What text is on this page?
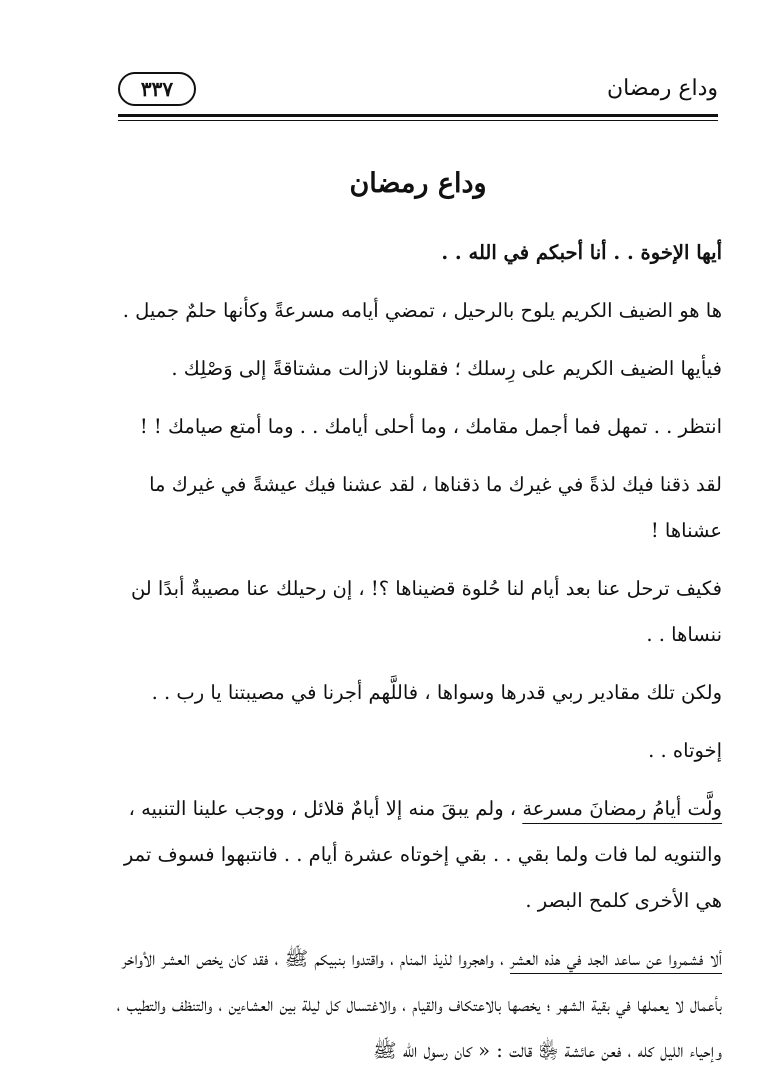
٣٣٧	وداع رمضان
وداع رمضان

أيها الإخوة . . أنا أحبكم في الله . .

ها هو الضيف الكريم يلوح بالرحيل ، تمضي أيامه مسرعةً وكأنها حلمٌ جميل .

فيأيها الضيف الكريم على رِسلك ؛ فقلوبنا لازالت مشتاقةً إلى وَصْلِك .

انتظر . . تمهل فما أجمل مقامك ، وما أحلى أيامك . . وما أمتع صيامك ! !

لقد ذقنا فيك لذةً في غيرك ما ذقناها ، لقد عشنا فيك عيشةً في غيرك ما عشناها !

فكيف ترحل عنا بعد أيام لنا حُلوة قضيناها ؟! ، إن رحيلك عنا مصيبةٌ أبدًا لن ننساها . .

ولكن تلك مقادير ربي قدرها وسواها ، فاللَّهم أجرنا في مصيبتنا يا رب . .

إخوتاه . .

ولَّت أيامُ رمضانَ مسرعة ، ولم يبقَ منه إلا أيامٌ قلائل ، ووجب علينا التنبيه ، والتنويه لما فات ولما بقي . . بقي إخوتاه عشرة أيام . . فانتبهوا فسوف تمر هي الأخرى كلمح البصر .

ألا فشمروا عن ساعد الجد في هذه العشر ، واهجروا لذيذ المنام ، واقتدوا بنبيكم ﷺ ، فقد كان يخص العشر الأواخر بأعمال لا يعملها في بقية الشهر ؛ يخصها بالاعتكاف والقيام ، والاغتسال كل ليلة بين العشاءين ، والتنظف والتطيب ، وإحياء الليل كله ، فعن عائشة ﵂ قالت : « كان رسول الله ﷺ
